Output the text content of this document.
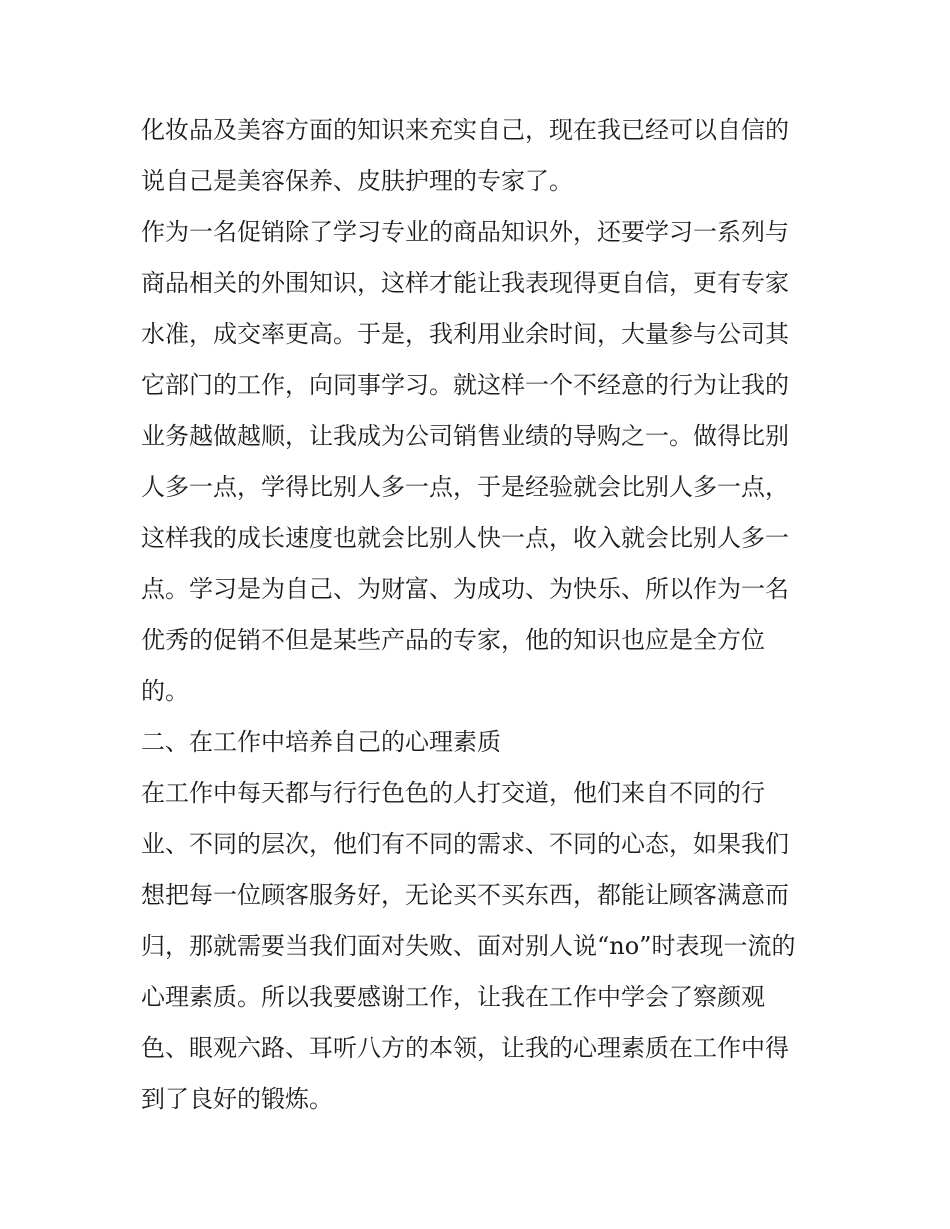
化妆品及美容方面的知识来充实自己，现在我已经可以自信的
说自己是美容保养、皮肤护理的专家了。
作为一名促销除了学习专业的商品知识外，还要学习一系列与
商品相关的外围知识，这样才能让我表现得更自信，更有专家
水准，成交率更高。于是，我利用业余时间，大量参与公司其
它部门的工作，向同事学习。就这样一个不经意的行为让我的
业务越做越顺，让我成为公司销售业绩的导购之一。做得比别
人多一点，学得比别人多一点，于是经验就会比别人多一点，
这样我的成长速度也就会比别人快一点，收入就会比别人多一
点。学习是为自己、为财富、为成功、为快乐、所以作为一名
优秀的促销不但是某些产品的专家，他的知识也应是全方位
的。
二、在工作中培养自己的心理素质
在工作中每天都与行行色色的人打交道，他们来自不同的行
业、不同的层次，他们有不同的需求、不同的心态，如果我们
想把每一位顾客服务好，无论买不买东西，都能让顾客满意而
归，那就需要当我们面对失败、面对别人说“no”时表现一流的
心理素质。所以我要感谢工作，让我在工作中学会了察颜观
色、眼观六路、耳听八方的本领，让我的心理素质在工作中得
到了良好的锻炼。
